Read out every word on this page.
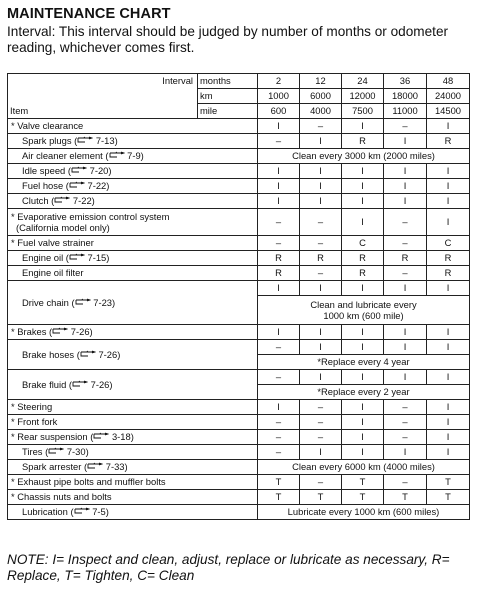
MAINTENANCE CHART
Interval: This interval should be judged by number of months or odometer reading, whichever comes first.
Interval	months	2	12	24	36	48
	km	1000	6000	12000	18000	24000
Item	mile	600	4000	7500	11000	14500
* Valve clearance		I	–	I	–	I
Spark plugs ( 7-13)		–	I	R	I	R
Air cleaner element ( 7-9)		Clean every 3000 km (2000 miles)				
Idle speed ( 7-20)		I	I	I	I	I
Fuel hose ( 7-22)		I	I	I	I	I
Clutch ( 7-22)		I	I	I	I	I
* Evaporative emission control system
(California model only)		–	–	I	–	I
* Fuel valve strainer		–	–	C	–	C
Engine oil ( 7-15)		R	R	R	R	R
Engine oil filter		R	–	R	–	R
Drive chain ( 7-23)		I	I	I	I	I
		Clean and lubricate every
1000 km (600 mile)				
* Brakes ( 7-26)		I	I	I	I	I
Brake hoses ( 7-26)		–	I	I	I	I
		*Replace every 4 year				
Brake fluid ( 7-26)		–	I	I	I	I
		*Replace every 2 year				
* Steering		I	–	I	–	I
* Front fork		–	–	I	–	I
* Rear suspension ( 3-18)		–	–	I	–	I
Tires ( 7-30)		–	I	I	I	I
Spark arrester ( 7-33)		Clean every 6000 km (4000 miles)				
* Exhaust pipe bolts and muffler bolts		T	–	T	–	T
* Chassis nuts and bolts		T	T	T	T	T
Lubrication ( 7-5)		Lubricate every 1000 km (600 miles)				
NOTE: I= Inspect and clean, adjust, replace or lubricate as necessary, R= Replace, T= Tighten, C= Clean
